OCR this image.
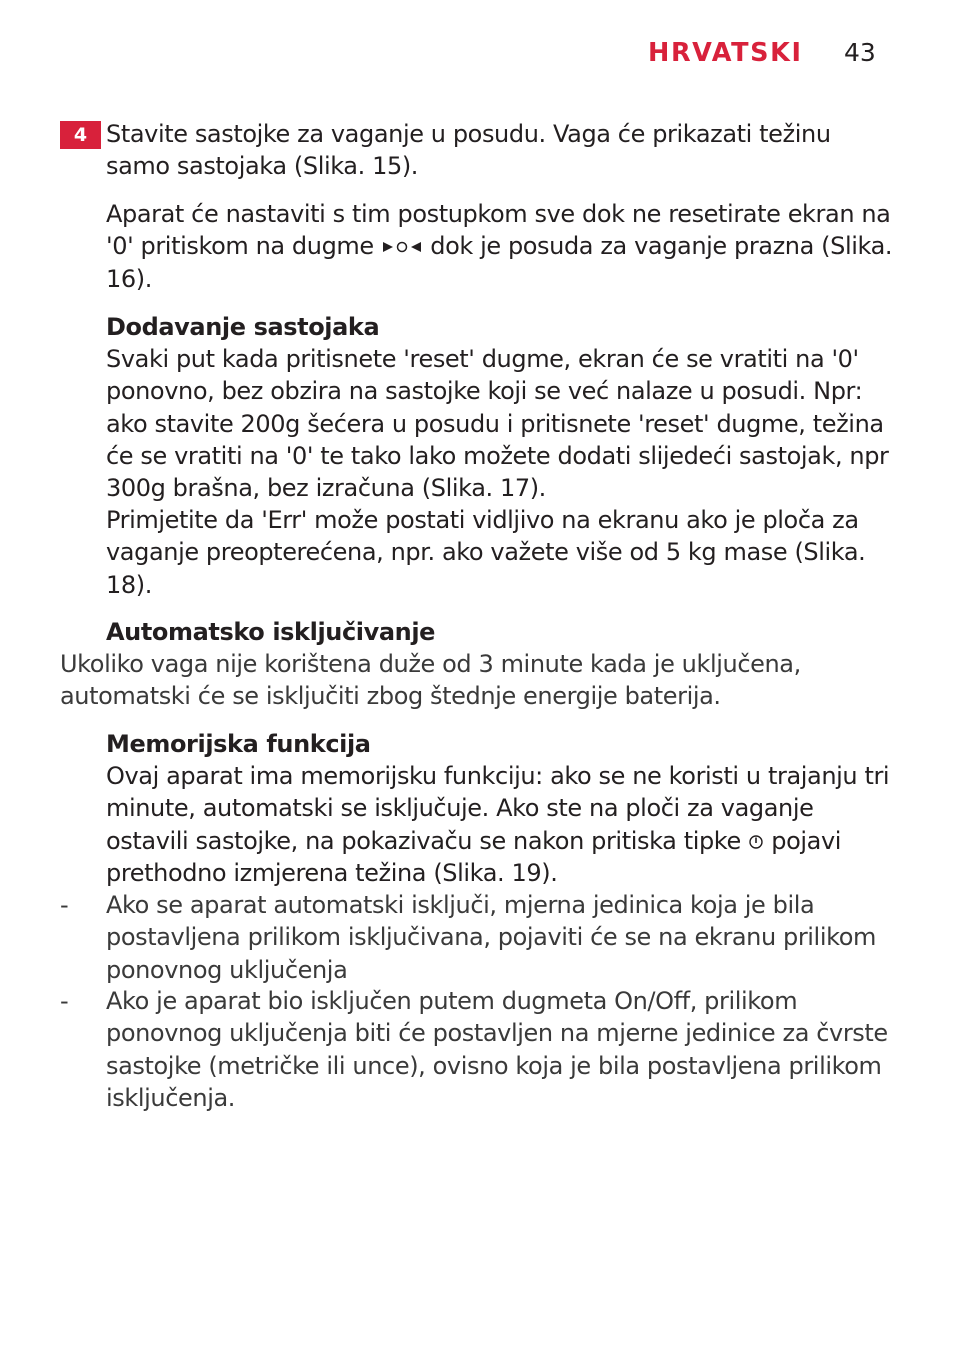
HRVATSKI 43
4 Stavite sastojke za vaganje u posudu. Vaga će prikazati težinu samo sastojaka (Slika. 15).

Aparat će nastaviti s tim postupkom sve dok ne resetirate ekran na '0' pritiskom na dugme dok je posuda za vaganje prazna (Slika. 16).

Dodavanje sastojaka

Svaki put kada pritisnete 'reset' dugme, ekran će se vratiti na '0' ponovno, bez obzira na sastojke koji se već nalaze u posudi. Npr: ako stavite 200g šećera u posudu i pritisnete 'reset' dugme, težina će se vratiti na '0' te tako lako možete dodati slijedeći sastojak, npr 300g brašna, bez izračuna (Slika. 17).

Primjetite da 'Err' može postati vidljivo na ekranu ako je ploča za vaganje preopterećena, npr. ako važete više od 5 kg mase (Slika. 18).

Automatsko isključivanje

Ukoliko vaga nije korištena duže od 3 minute kada je uključena, automatski će se isključiti zbog štednje energije baterija.

Memorijska funkcija

Ovaj aparat ima memorijsku funkciju: ako se ne koristi u trajanju tri minute, automatski se isključuje. Ako ste na ploči za vaganje ostavili sastojke, na pokazivaču se nakon pritiska tipke pojavi prethodno izmjerena težina (Slika. 19).

- Ako se aparat automatski isključi, mjerna jedinica koja je bila postavljena prilikom isključivana, pojaviti će se na ekranu prilikom ponovnog uključenja

- Ako je aparat bio isključen putem dugmeta On/Off, prilikom ponovnog uključenja biti će postavljen na mjerne jedinice za čvrste sastojke (metričke ili unce), ovisno koja je bila postavljena prilikom isključenja.
